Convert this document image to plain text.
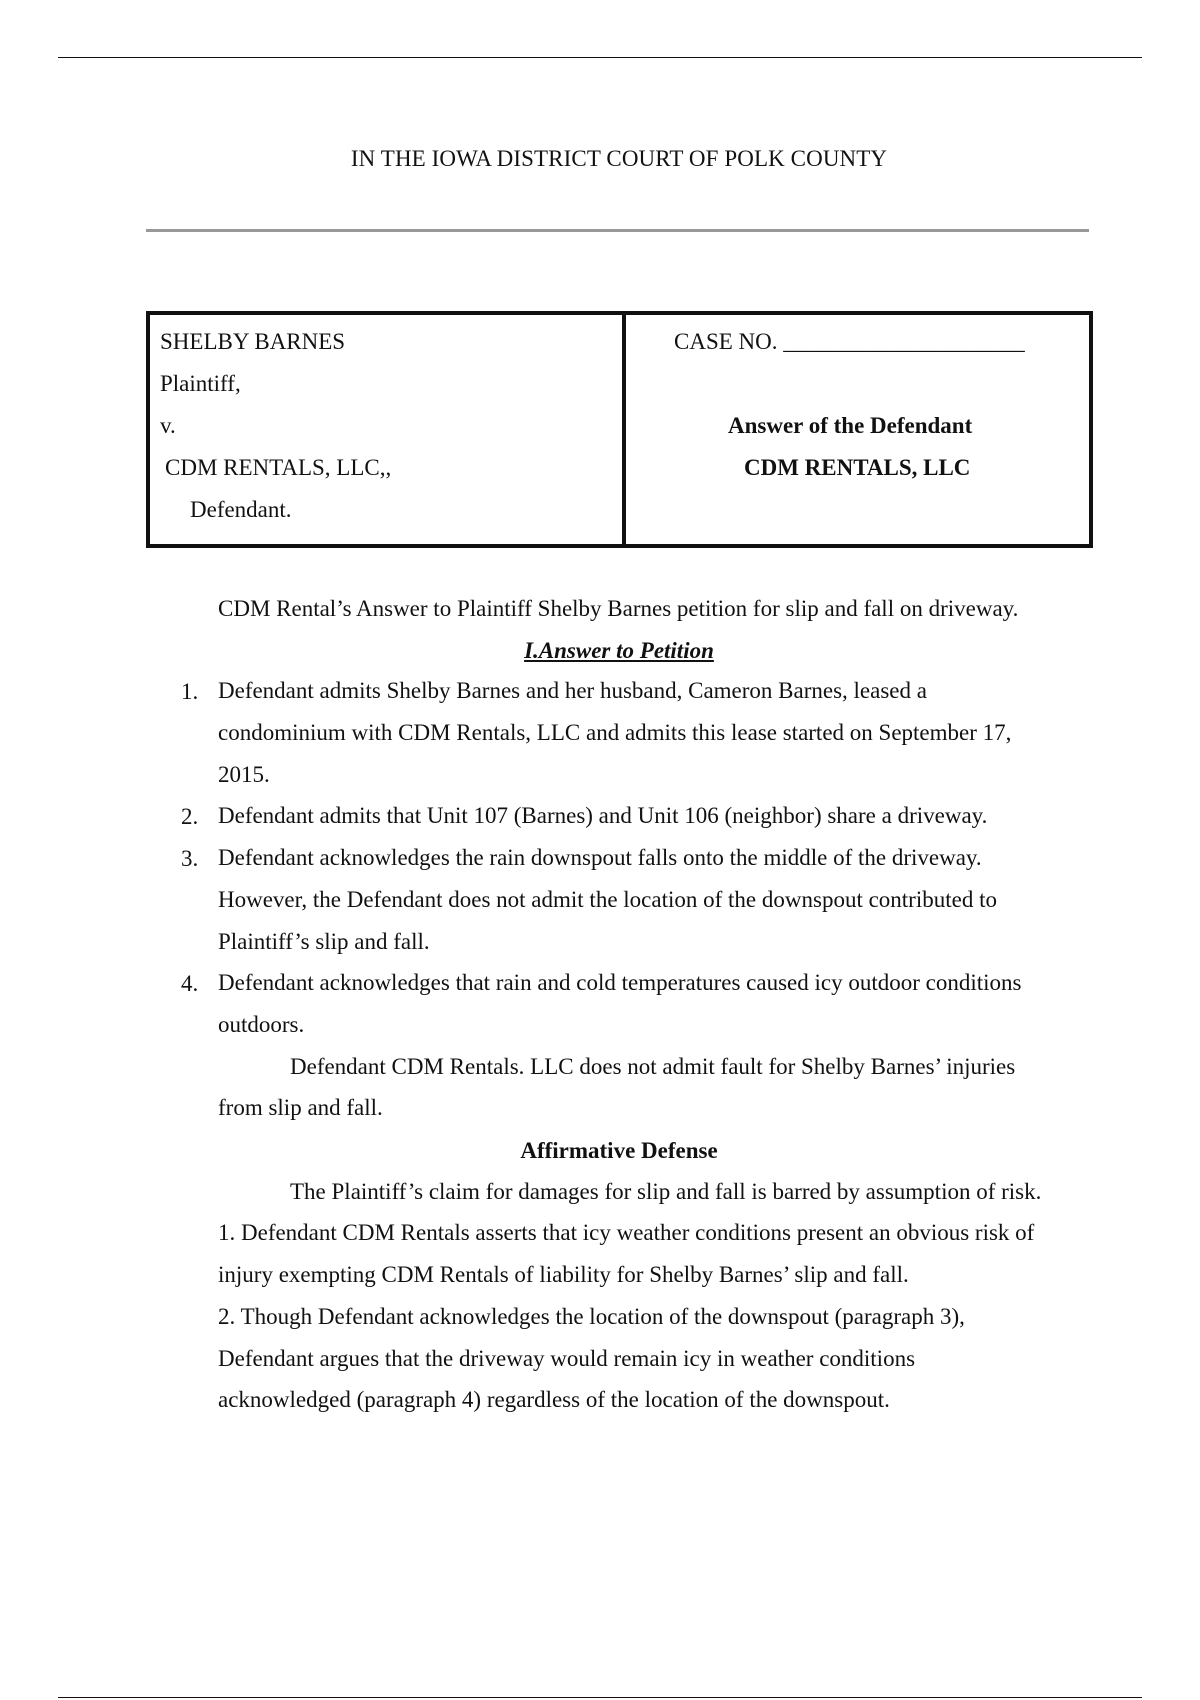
IN THE IOWA DISTRICT COURT OF POLK COUNTY
SHELBY BARNES
Plaintiff,
v.
CDM RENTALS, LLC,,
Defendant.
CASE NO. _____________________
Answer of the Defendant
CDM RENTALS, LLC
CDM Rental’s Answer to Plaintiff Shelby Barnes petition for slip and fall on driveway.
I.Answer to Petition
1. Defendant admits Shelby Barnes and her husband, Cameron Barnes, leased a
condominium with CDM Rentals, LLC and admits this lease started on September 17,
2015.
2. Defendant admits that Unit 107 (Barnes) and Unit 106 (neighbor) share a driveway.
3. Defendant acknowledges the rain downspout falls onto the middle of the driveway.
However, the Defendant does not admit the location of the downspout contributed to
Plaintiff’s slip and fall.
4. Defendant acknowledges that rain and cold temperatures caused icy outdoor conditions
outdoors.
Defendant CDM Rentals. LLC does not admit fault for Shelby Barnes’ injuries
from slip and fall.
Affirmative Defense
The Plaintiff’s claim for damages for slip and fall is barred by assumption of risk.
1. Defendant CDM Rentals asserts that icy weather conditions present an obvious risk of
injury exempting CDM Rentals of liability for Shelby Barnes’ slip and fall.
2. Though Defendant acknowledges the location of the downspout (paragraph 3),
Defendant argues that the driveway would remain icy in weather conditions
acknowledged (paragraph 4) regardless of the location of the downspout.
